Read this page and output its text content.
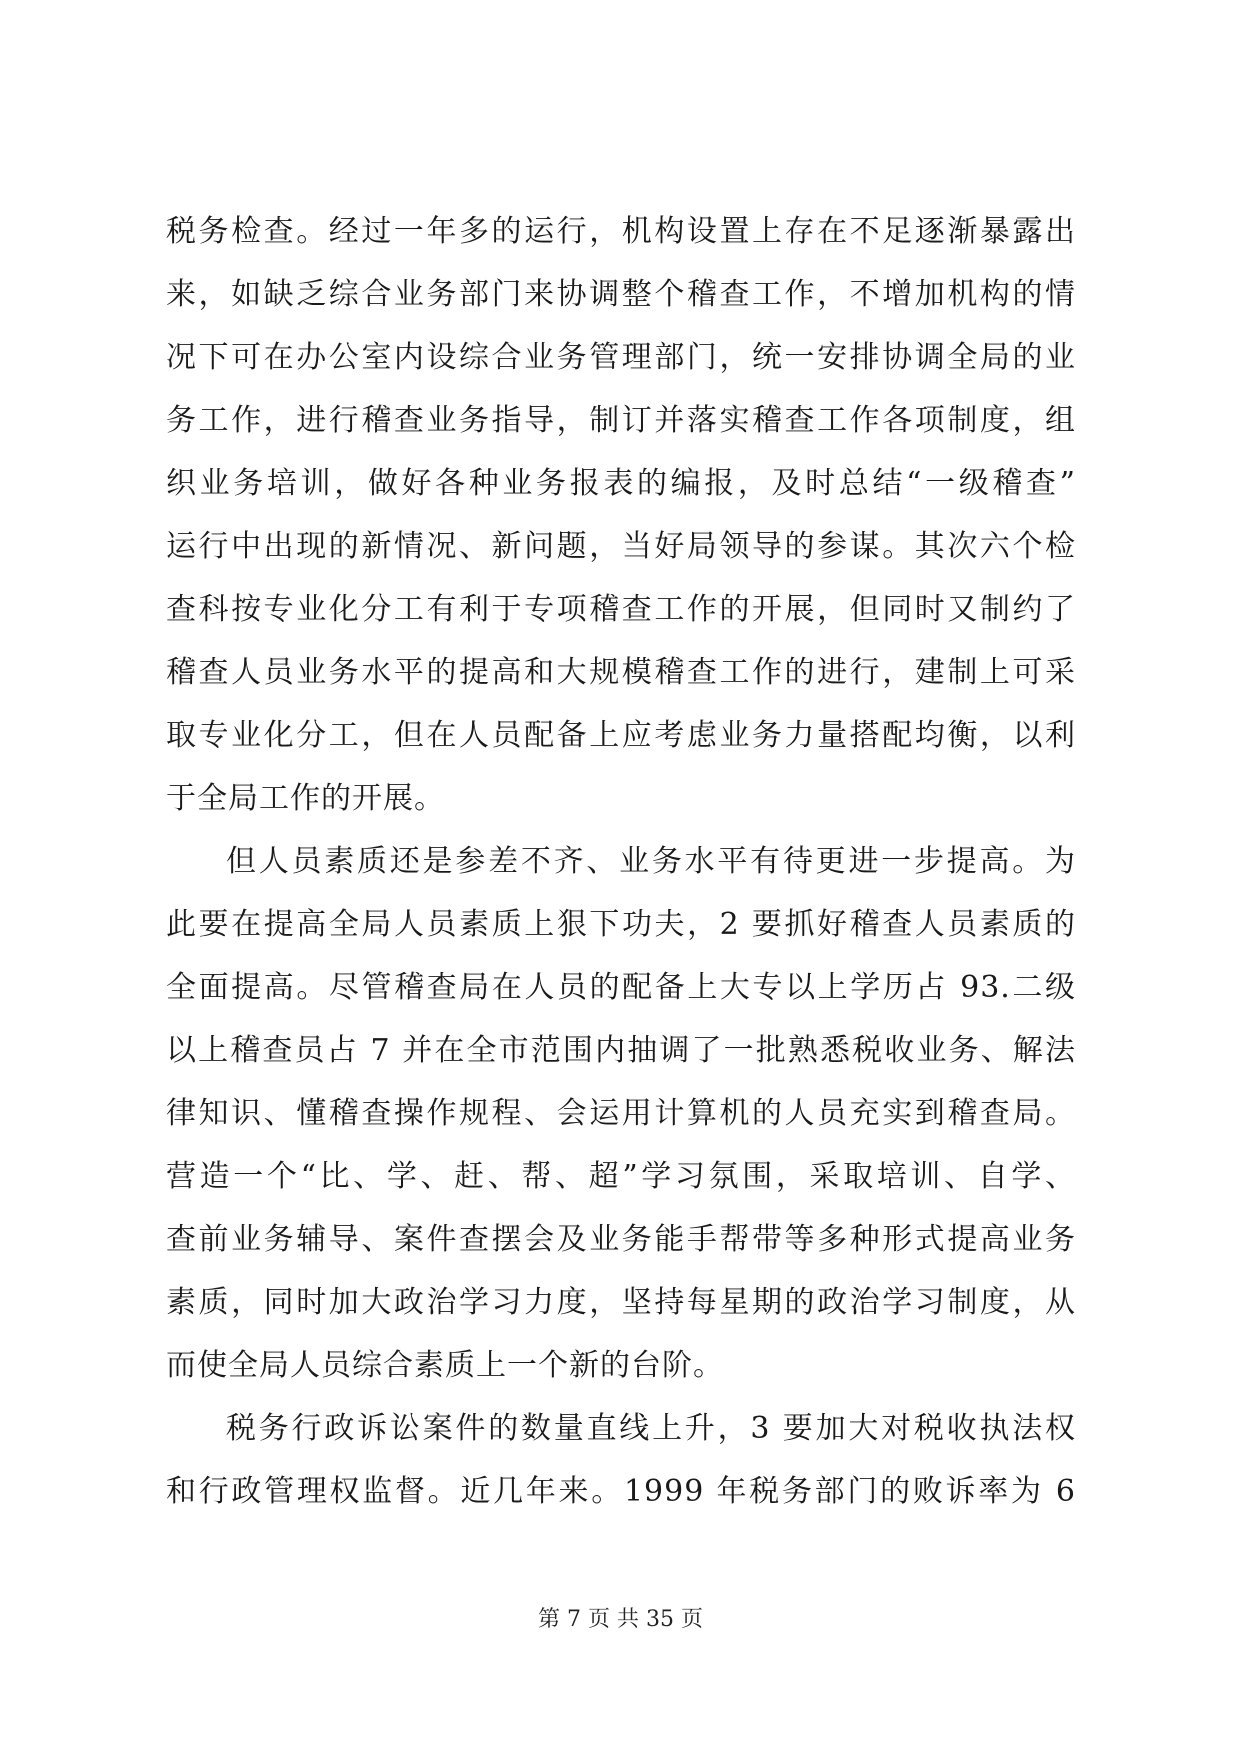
税务检查。经过一年多的运行，机构设置上存在不足逐渐暴露出
来，如缺乏综合业务部门来协调整个稽查工作，不增加机构的情
况下可在办公室内设综合业务管理部门，统一安排协调全局的业
务工作，进行稽查业务指导，制订并落实稽查工作各项制度，组
织业务培训，做好各种业务报表的编报，及时总结“一级稽查”
运行中出现的新情况、新问题，当好局领导的参谋。其次六个检
查科按专业化分工有利于专项稽查工作的开展，但同时又制约了
稽查人员业务水平的提高和大规模稽查工作的进行，建制上可采
取专业化分工，但在人员配备上应考虑业务力量搭配均衡，以利
于全局工作的开展。
但人员素质还是参差不齐、业务水平有待更进一步提高。为
此要在提高全局人员素质上狠下功夫，2 要抓好稽查人员素质的
全面提高。尽管稽查局在人员的配备上大专以上学历占 93.二级
以上稽查员占 7 并在全市范围内抽调了一批熟悉税收业务、解法
律知识、懂稽查操作规程、会运用计算机的人员充实到稽查局。
营造一个“比、学、赶、帮、超”学习氛围，采取培训、自学、
查前业务辅导、案件查摆会及业务能手帮带等多种形式提高业务
素质，同时加大政治学习力度，坚持每星期的政治学习制度，从
而使全局人员综合素质上一个新的台阶。
税务行政诉讼案件的数量直线上升，3 要加大对税收执法权
和行政管理权监督。近几年来。1999 年税务部门的败诉率为 6
第 7 页 共 35 页
